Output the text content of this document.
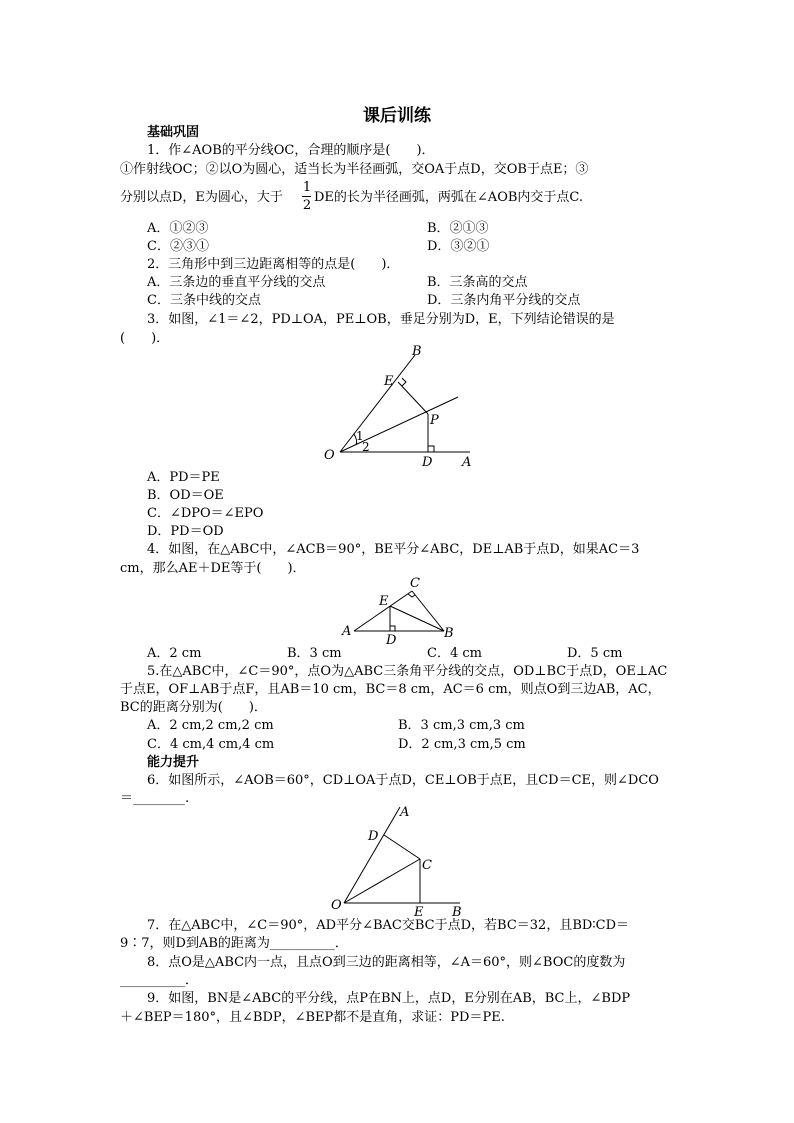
课后训练
基础巩固
1．作∠AOB的平分线OC，合理的顺序是(　　)．
①作射线OC；②以O为圆心，适当长为半径画弧，交OA于点D，交OB于点E；③
分别以点D，E为圆心，大于
1
2
DE的长为半径画弧，两弧在∠AOB内交于点C.
A．①②③	B．②①③
C．②③①	D．③②①
2．三角形中到三边距离相等的点是(　　)．
A．三条边的垂直平分线的交点	B．三条高的交点
C．三条中线的交点	D．三条内角平分线的交点
3．如图，∠1＝∠2，PD⊥OA，PE⊥OB，垂足分别为D，E，下列结论错误的是
(　　)．
B
E
P
O	D A
1
2
A．PD＝PE
B．OD＝OE
C．∠DPO＝∠EPO
D．PD＝OD
4．如图，在△ABC中，∠ACB＝90°，BE平分∠ABC，DE⊥AB于点D，如果AC＝3
cm，那么AE＋DE等于(　　)．
C
E
A
D	B
A．2 cm	B．3 cm	C．4 cm	D．5 cm
5.在△ABC中，∠C＝90°，点O为△ABC三条角平分线的交点，OD⊥BC于点D，OE⊥AC
于点E，OF⊥AB于点F，且AB＝10 cm，BC＝8 cm，AC＝6 cm，则点O到三边AB，AC，
BC的距离分别为(　　)．
A．2 cm,2 cm,2 cm	B．3 cm,3 cm,3 cm
C．4 cm,4 cm,4 cm	D．2 cm,3 cm,5 cm
能力提升
6．如图所示，∠AOB＝60°，CD⊥OA于点D，CE⊥OB于点E，且CD＝CE，则∠DCO
＝________.
A
D
C
O	E B
7．在△ABC中，∠C＝90°，AD平分∠BAC交BC于点D，若BC＝32，且BD∶CD＝
9∶7，则D到AB的距离为__________．
8．点O是△ABC内一点，且点O到三边的距离相等，∠A＝60°，则∠BOC的度数为
__________．
9．如图，BN是∠ABC的平分线，点P在BN上，点D，E分别在AB，BC上，∠BDP
＋∠BEP＝180°，且∠BDP，∠BEP都不是直角，求证：PD＝PE.
